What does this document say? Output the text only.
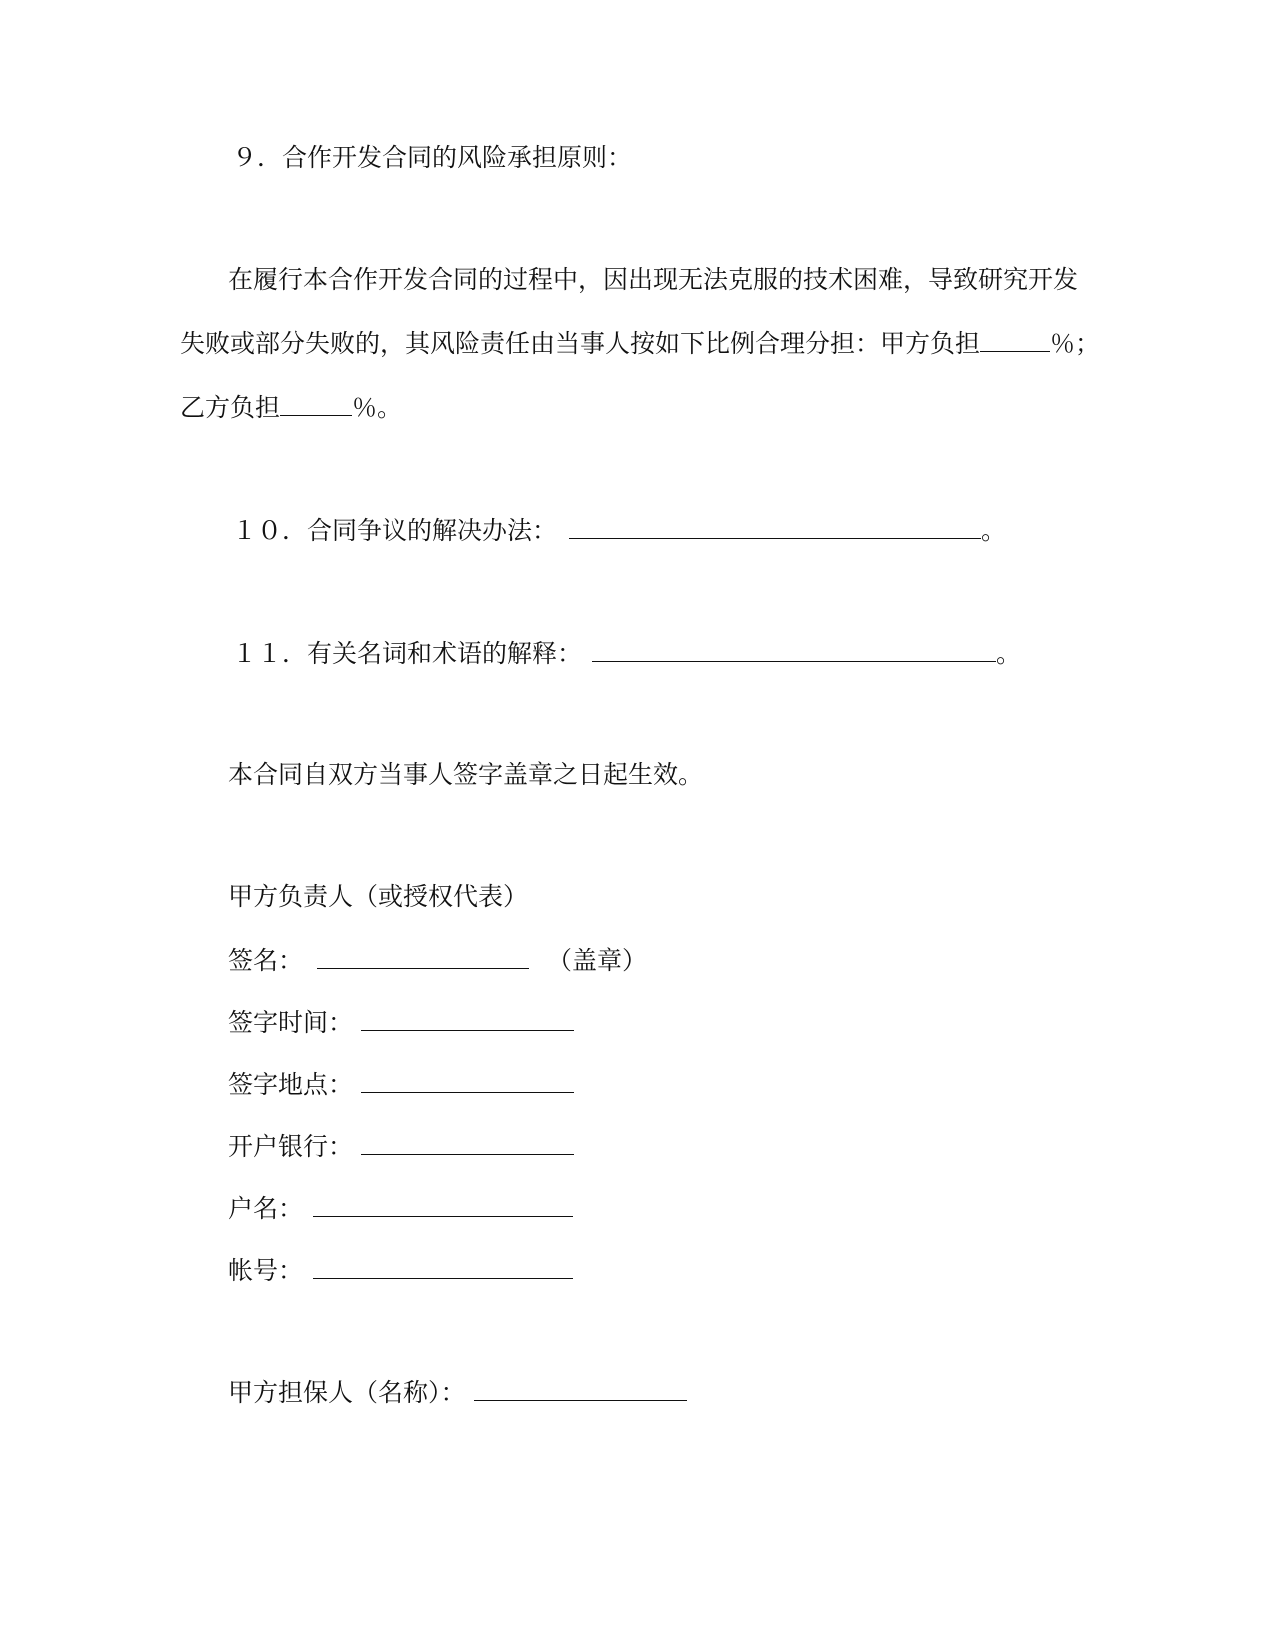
９．合作开发合同的风险承担原则：
在履行本合作开发合同的过程中，因出现无法克服的技术困难，导致研究开发
失败或部分失败的，其风险责任由当事人按如下比例合理分担：甲方负担	％；
乙方负担	％。
１０．合同争议的解决办法：	。
１１．有关名词和术语的解释：	。
本合同自双方当事人签字盖章之日起生效。
甲方负责人（或授权代表）
签名：	（盖章）
签字时间：
签字地点：
开户银行：
户名：
帐号：
甲方担保人（名称）：
